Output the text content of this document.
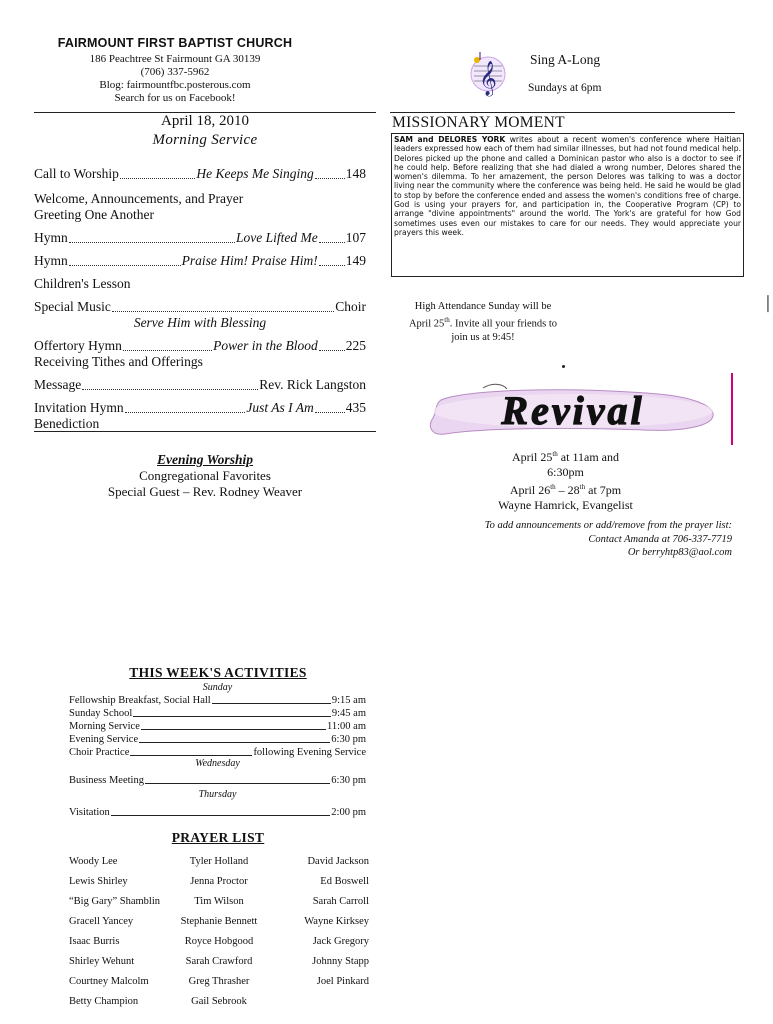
FAIRMOUNT FIRST BAPTIST CHURCH
186 Peachtree St Fairmount GA 30139
(706) 337-5962
Blog: fairmountfbc.posterous.com
Search for us on Facebook!
𝄞
Sing A-Long
Sundays at 6pm
April 18, 2010
Morning Service
Call to Worship	He Keeps Me Singing 148
Welcome, Announcements, and Prayer
Greeting One Another
Hymn	Love Lifted Me 107
Hymn	Praise Him! Praise Him! 149
Children's Lesson
Special Music	Choir
Serve Him with Blessing
Offertory Hymn	Power in the Blood 225
Receiving Tithes and Offerings
Message	Rev. Rick Langston
Invitation Hymn	Just As I Am 435
Benediction
Evening Worship
Congregational Favorites
Special Guest – Rev. Rodney Weaver
MISSIONARY MOMENT
SAM and DELORES YORK writes about a recent women's conference where Haitian leaders expressed how each of them had similar illnesses, but had not found medical help. Delores picked up the phone and called a Dominican pastor who also is a doctor to see if he could help. Before realizing that she had dialed a wrong number, Delores shared the women's dilemma. To her amazement, the person Delores was talking to was a doctor living near the community where the conference was being held. He said he would be glad to stop by before the conference ended and assess the women's conditions free of charge. God is using your prayers for, and participation in, the Cooperative Program (CP) to arrange "divine appointments" around the world. The York's are grateful for how God sometimes uses even our mistakes to care for our needs. They would appreciate your prayers this week.
High Attendance Sunday will be
April 25th. Invite all your friends to
join us at 9:45!
Revival
April 25th at 11am and
6:30pm
April 26th – 28th at 7pm
Wayne Hamrick, Evangelist
To add announcements or add/remove from the prayer list:
Contact Amanda at 706-337-7719
Or berryhtp83@aol.com
THIS WEEK'S ACTIVITIES
Sunday
Fellowship Breakfast, Social Hall	9:15 am
Sunday School	9:45 am
Morning Service	11:00 am
Evening Service	6:30 pm
Choir Practice	following Evening Service
Wednesday
Business Meeting	6:30 pm
Thursday
Visitation	2:00 pm
PRAYER LIST
Woody Lee	Tyler Holland	David Jackson
Lewis Shirley	Jenna Proctor	Ed Boswell
“Big Gary” Shamblin	Tim Wilson	Sarah Carroll
Gracell Yancey	Stephanie Bennett	Wayne Kirksey
Isaac Burris	Royce Hobgood	Jack Gregory
Shirley Wehunt	Sarah Crawford	Johnny Stapp
Courtney Malcolm	Greg Thrasher	Joel Pinkard
Betty Champion	Gail Sebrook
│
